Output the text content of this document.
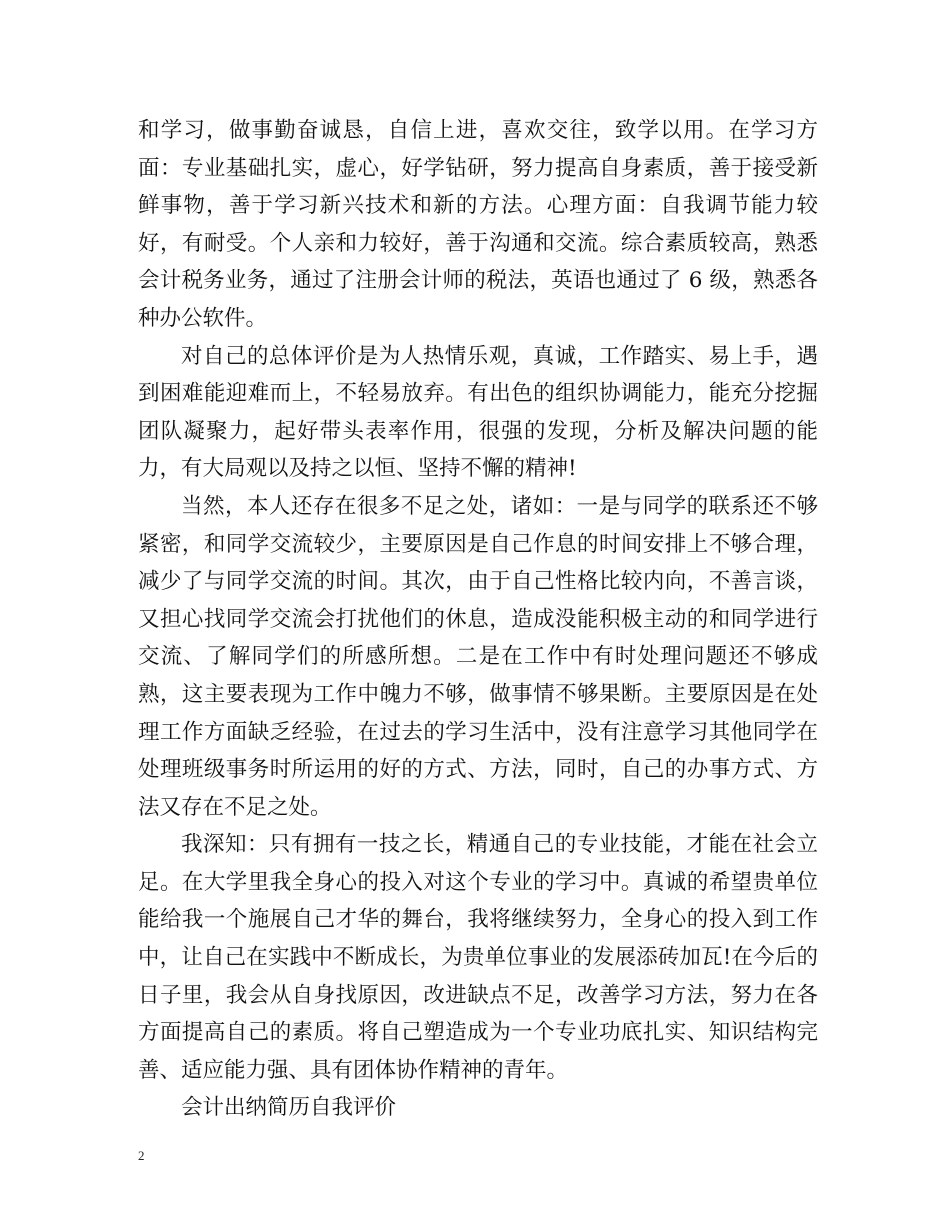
和学习，做事勤奋诚恳，自信上进，喜欢交往，致学以用。在学习方面：专业基础扎实，虚心，好学钻研，努力提高自身素质，善于接受新鲜事物，善于学习新兴技术和新的方法。心理方面：自我调节能力较好，有耐受。个人亲和力较好，善于沟通和交流。综合素质较高，熟悉会计税务业务，通过了注册会计师的税法，英语也通过了 6 级，熟悉各种办公软件。

对自己的总体评价是为人热情乐观，真诚，工作踏实、易上手，遇到困难能迎难而上，不轻易放弃。有出色的组织协调能力，能充分挖掘团队凝聚力，起好带头表率作用，很强的发现，分析及解决问题的能力，有大局观以及持之以恒、坚持不懈的精神!

当然，本人还存在很多不足之处，诸如：一是与同学的联系还不够紧密，和同学交流较少，主要原因是自己作息的时间安排上不够合理，减少了与同学交流的时间。其次，由于自己性格比较内向，不善言谈，又担心找同学交流会打扰他们的休息，造成没能积极主动的和同学进行交流、了解同学们的所感所想。二是在工作中有时处理问题还不够成熟，这主要表现为工作中魄力不够，做事情不够果断。主要原因是在处理工作方面缺乏经验，在过去的学习生活中，没有注意学习其他同学在处理班级事务时所运用的好的方式、方法，同时，自己的办事方式、方法又存在不足之处。

我深知：只有拥有一技之长，精通自己的专业技能，才能在社会立足。在大学里我全身心的投入对这个专业的学习中。真诚的希望贵单位能给我一个施展自己才华的舞台，我将继续努力，全身心的投入到工作中，让自己在实践中不断成长，为贵单位事业的发展添砖加瓦!在今后的日子里，我会从自身找原因，改进缺点不足，改善学习方法，努力在各方面提高自己的素质。将自己塑造成为一个专业功底扎实、知识结构完善、适应能力强、具有团体协作精神的青年。

会计出纳简历自我评价

2
